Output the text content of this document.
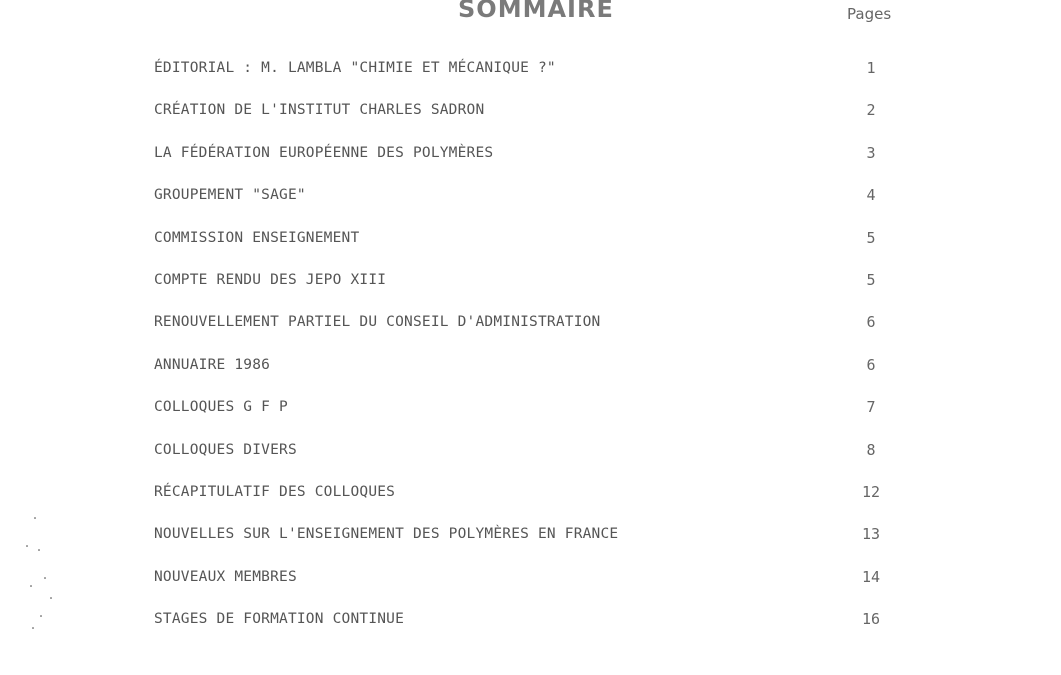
SOMMAIRE	Pages
ÉDITORIAL : M. LAMBLA "CHIMIE ET MÉCANIQUE ?"	1
CRÉATION DE L'INSTITUT CHARLES SADRON	2
LA FÉDÉRATION EUROPÉENNE DES POLYMÈRES	3
GROUPEMENT "SAGE"	4
COMMISSION ENSEIGNEMENT	5
COMPTE RENDU DES JEPO XIII	5
RENOUVELLEMENT PARTIEL DU CONSEIL D'ADMINISTRATION	6
ANNUAIRE 1986	6
COLLOQUES G F P	7
COLLOQUES DIVERS	8
RÉCAPITULATIF DES COLLOQUES	12
NOUVELLES SUR L'ENSEIGNEMENT DES POLYMÈRES EN FRANCE	13
NOUVEAUX MEMBRES	14
STAGES DE FORMATION CONTINUE	16
